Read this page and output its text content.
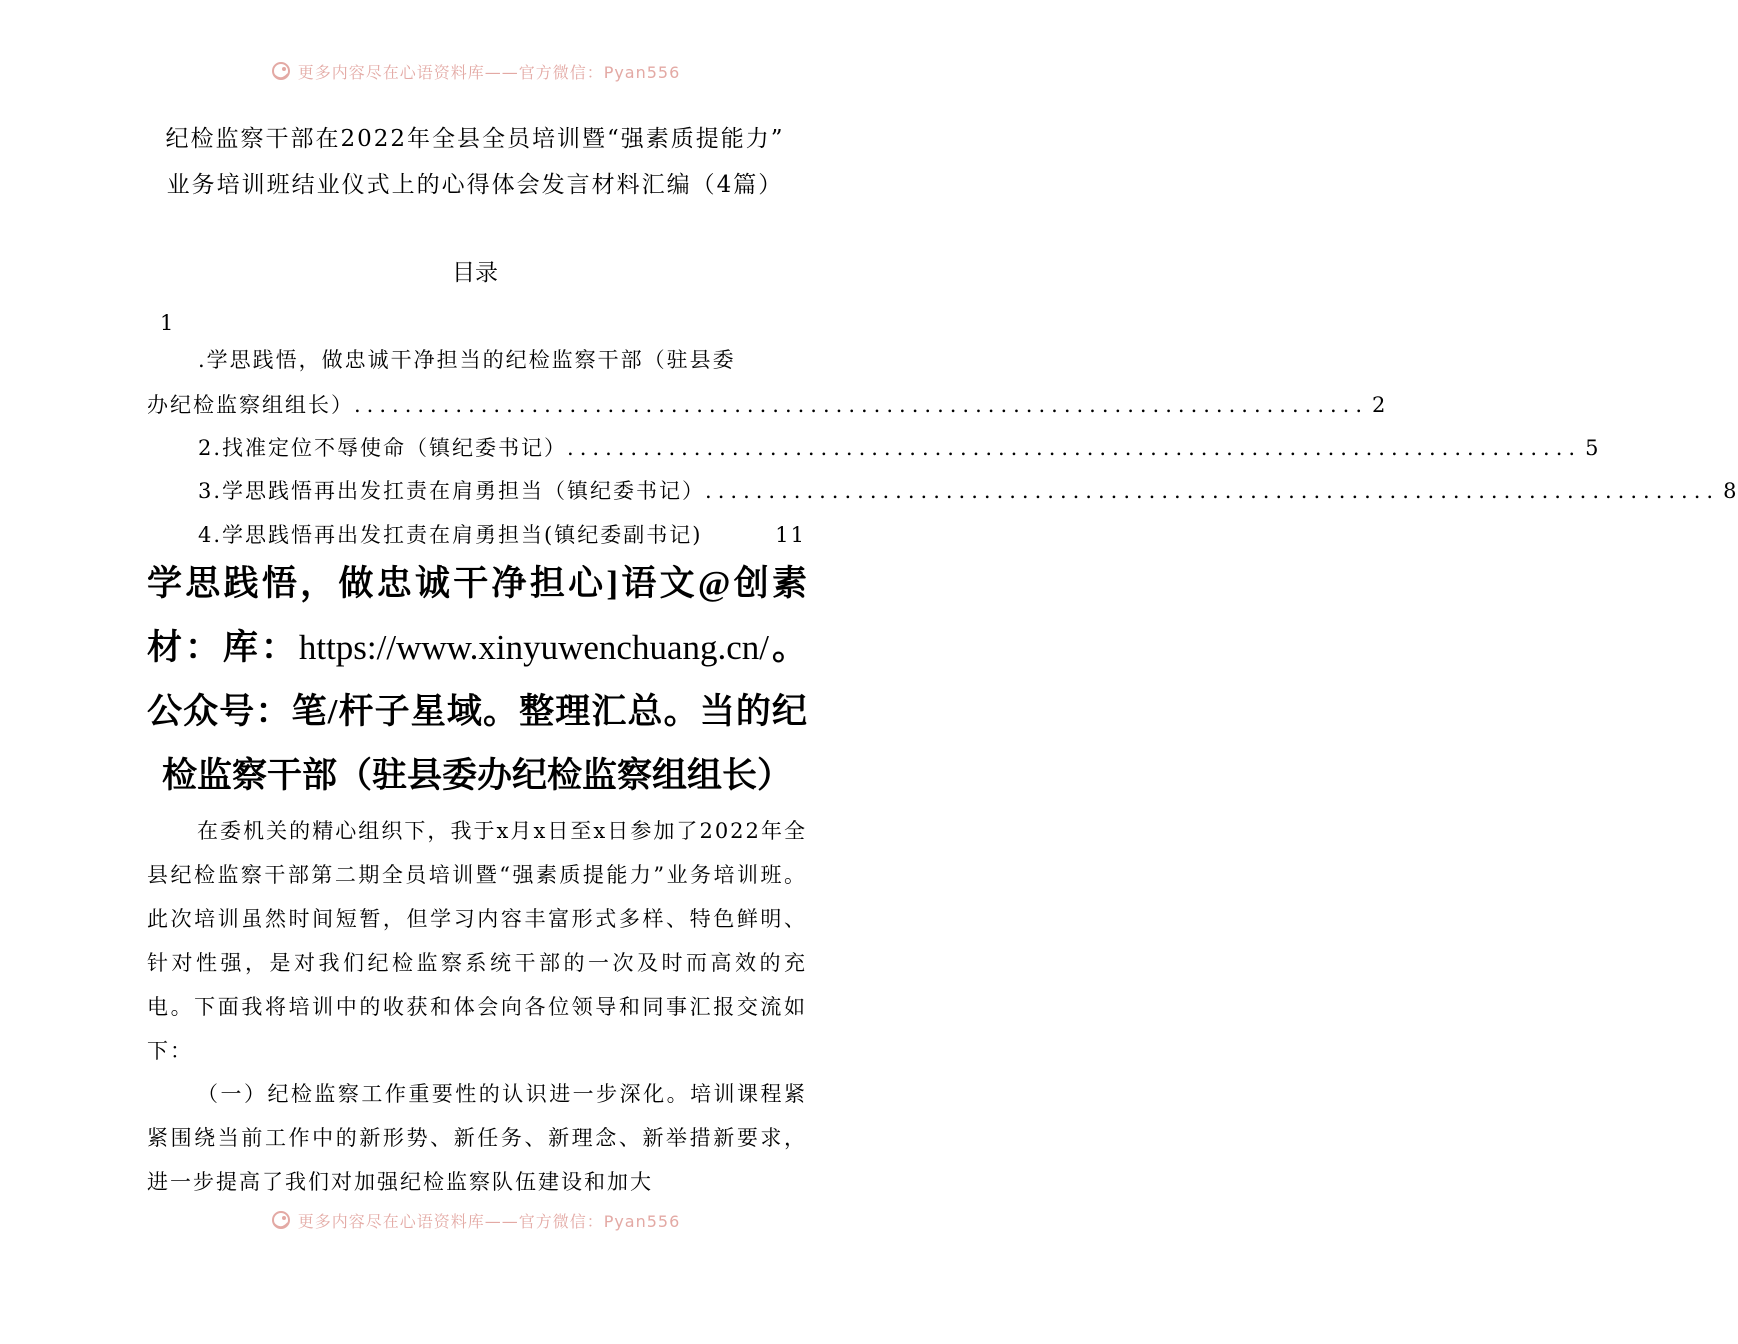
更多内容尽在心语资料库——官方微信：Pyan556
纪检监察干部在2022年全县全员培训暨“强素质提能力”
业务培训班结业仪式上的心得体会发言材料汇编（4篇）
目录
1
.学思践悟，做忠诚干净担当的纪检监察干部（驻县委
办纪检监察组组长） ................................................................................ 2
2.找准定位不辱使命（镇纪委书记） ................................................................................ 5
3.学思践悟再出发扛责在肩勇担当（镇纪委书记） ................................................................................ 8
4.学思践悟再出发扛责在肩勇担当(镇纪委副书记)	11
学思践悟，做忠诚干净担心]语文@创素材：库：https://www.xinyuwenchuang.cn/。公众号：笔/杆子星域。整理汇总。当的纪检监察干部（驻县委办纪检监察组组长）
在委机关的精心组织下，我于x月x日至x日参加了2022年全县纪检监察干部第二期全员培训暨“强素质提能力”业务培训班。此次培训虽然时间短暂，但学习内容丰富形式多样、特色鲜明、针对性强，是对我们纪检监察系统干部的一次及时而高效的充电。下面我将培训中的收获和体会向各位领导和同事汇报交流如下：
（一）纪检监察工作重要性的认识进一步深化。培训课程紧紧围绕当前工作中的新形势、新任务、新理念、新举措新要求，进一步提高了我们对加强纪检监察队伍建设和加大
更多内容尽在心语资料库——官方微信：Pyan556
